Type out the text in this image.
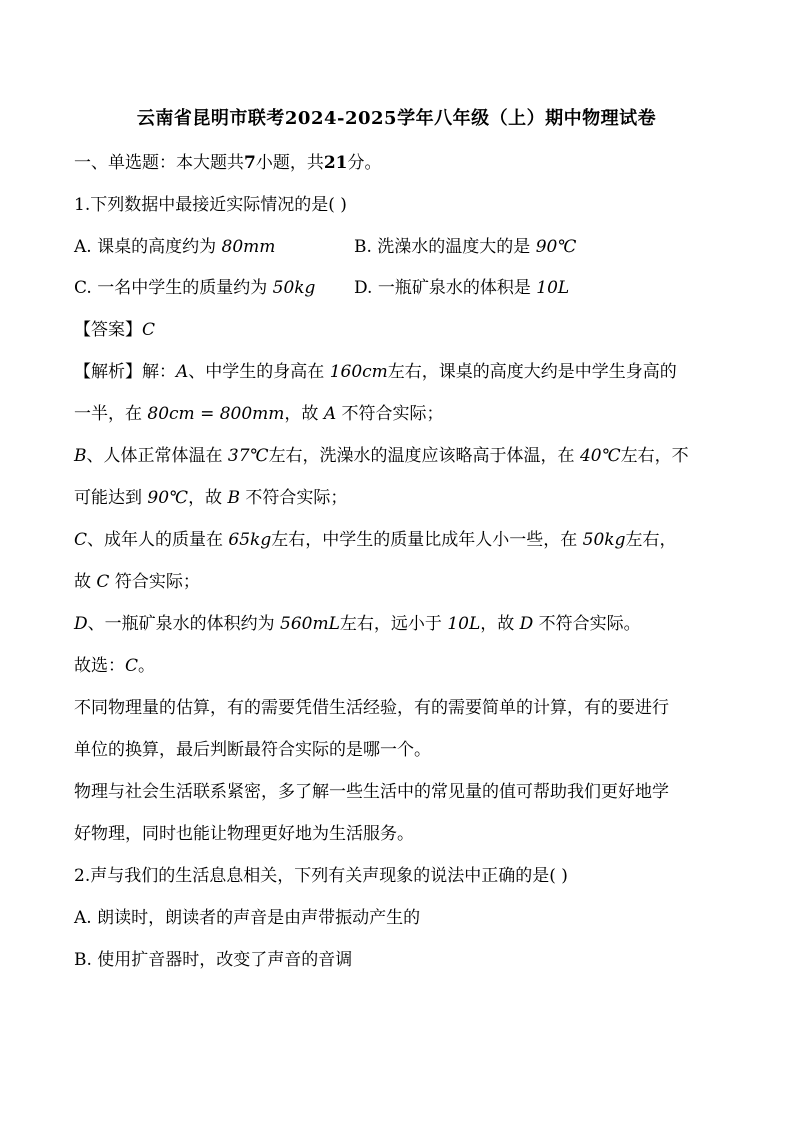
云南省昆明市联考2024-2025学年八年级（上）期中物理试卷
一、单选题：本大题共7小题，共21分。
1.下列数据中最接近实际情况的是( )
A. 课桌的高度约为 80mm	B. 洗澡水的温度大的是 90℃
C. 一名中学生的质量约为 50kg	D. 一瓶矿泉水的体积是 10L
【答案】C
【解析】解：A、中学生的身高在 160cm左右，课桌的高度大约是中学生身高的
一半，在 80cm = 800mm，故 A 不符合实际；
B、人体正常体温在 37℃左右，洗澡水的温度应该略高于体温，在 40℃左右，不
可能达到 90℃，故 B 不符合实际；
C、成年人的质量在 65kg左右，中学生的质量比成年人小一些，在 50kg左右，
故 C 符合实际；
D、一瓶矿泉水的体积约为 560mL左右，远小于 10L，故 D 不符合实际。
故选：C。
不同物理量的估算，有的需要凭借生活经验，有的需要简单的计算，有的要进行
单位的换算，最后判断最符合实际的是哪一个。
物理与社会生活联系紧密，多了解一些生活中的常见量的值可帮助我们更好地学
好物理，同时也能让物理更好地为生活服务。
2.声与我们的生活息息相关，下列有关声现象的说法中正确的是( )
A. 朗读时，朗读者的声音是由声带振动产生的
B. 使用扩音器时，改变了声音的音调
